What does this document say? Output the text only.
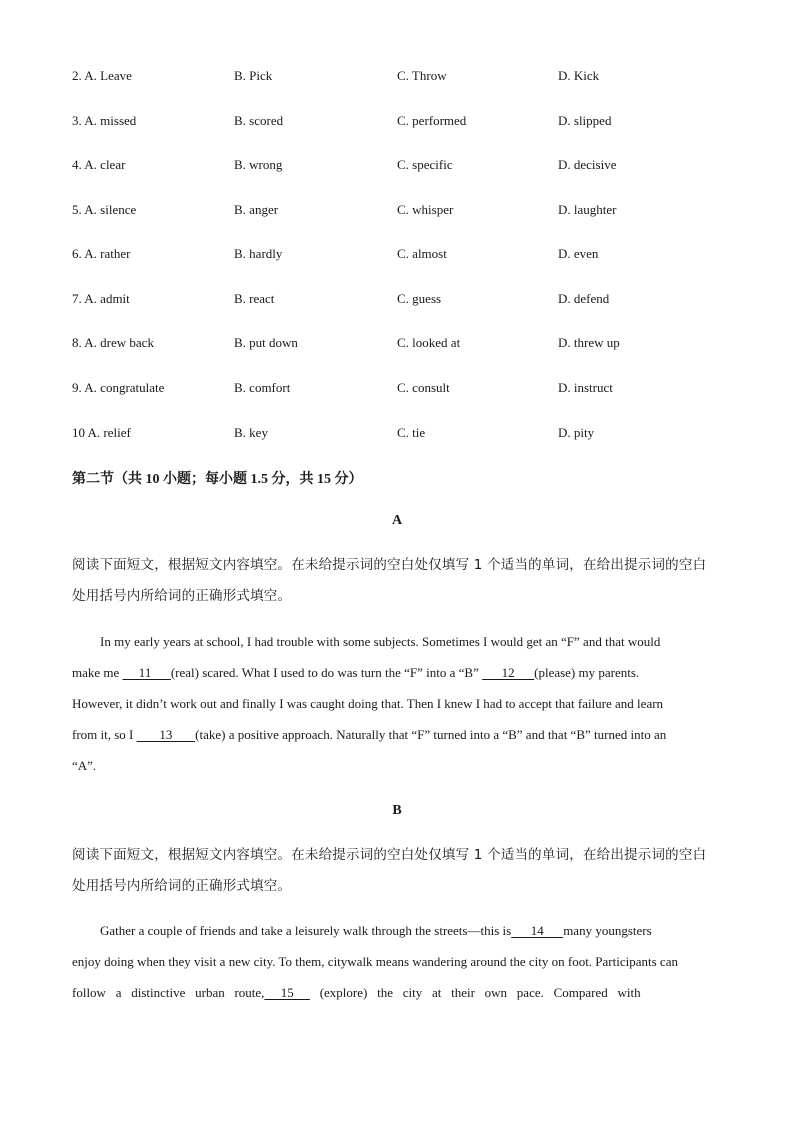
2. A. Leave	B. Pick	C. Throw	D. Kick
3. A. missed	B. scored	C. performed	D. slipped
4. A. clear	B. wrong	C. specific	D. decisive
5. A. silence	B. anger	C. whisper	D. laughter
6. A. rather	B. hardly	C. almost	D. even
7. A. admit	B. react	C. guess	D. defend
8. A. drew back	B. put down	C. looked at	D. threw up
9. A. congratulate	B. comfort	C. consult	D. instruct
10 A. relief	B. key	C. tie	D. pity
第二节（共 10 小题；每小题 1.5 分，共 15 分）
A
阅读下面短文，根据短文内容填空。在未给提示词的空白处仅填写 1 个适当的单词，在给出提示词的空白
处用括号内所给词的正确形式填空。
In my early years at school, I had trouble with some subjects. Sometimes I would get an “F” and that would
make me      11      (real) scared. What I used to do was turn the “F” into a “B”       12      (please) my parents.
However, it didn’t work out and finally I was caught doing that. Then I knew I had to accept that failure and learn
from it, so I        13       (take) a positive approach. Naturally that “F” turned into a “B” and that “B” turned into an
“A”.
B
阅读下面短文，根据短文内容填空。在未给提示词的空白处仅填写 1 个适当的单词，在给出提示词的空白
处用括号内所给词的正确形式填空。
Gather a couple of friends and take a leisurely walk through the streets—this is      14      many youngsters
enjoy doing when they visit a new city. To them, citywalk means wandering around the city on foot. Participants can
follow   a   distinctive   urban   route,     15        (explore)   the   city   at   their   own   pace.   Compared   with
